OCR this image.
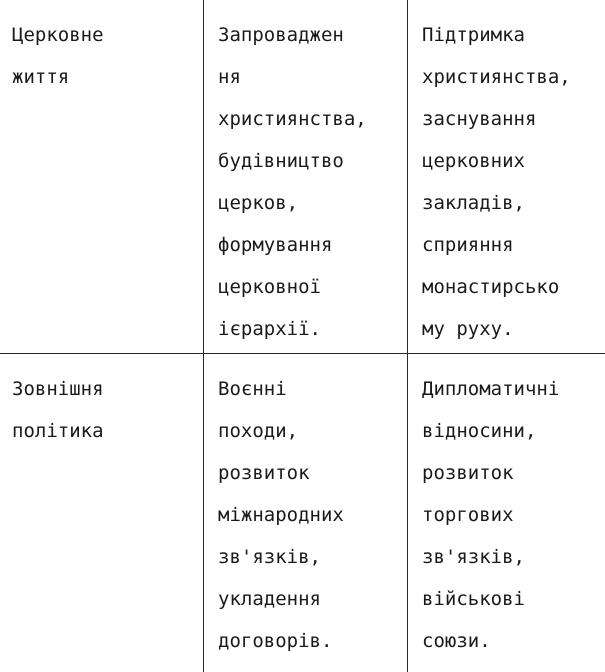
Церковне
життя
Запроваджен
ня
християнства,
будівництво
церков,
формування
церковної
ієрархії.
Підтримка
християнства,
заснування
церковних
закладів,
сприяння
монастирсько
му руху.
Зовнішня
політика
Воєнні
походи,
розвиток
міжнародних
зв'язків,
укладення
договорів.
Дипломатичні
відносини,
розвиток
торгових
зв'язків,
військові
союзи.
